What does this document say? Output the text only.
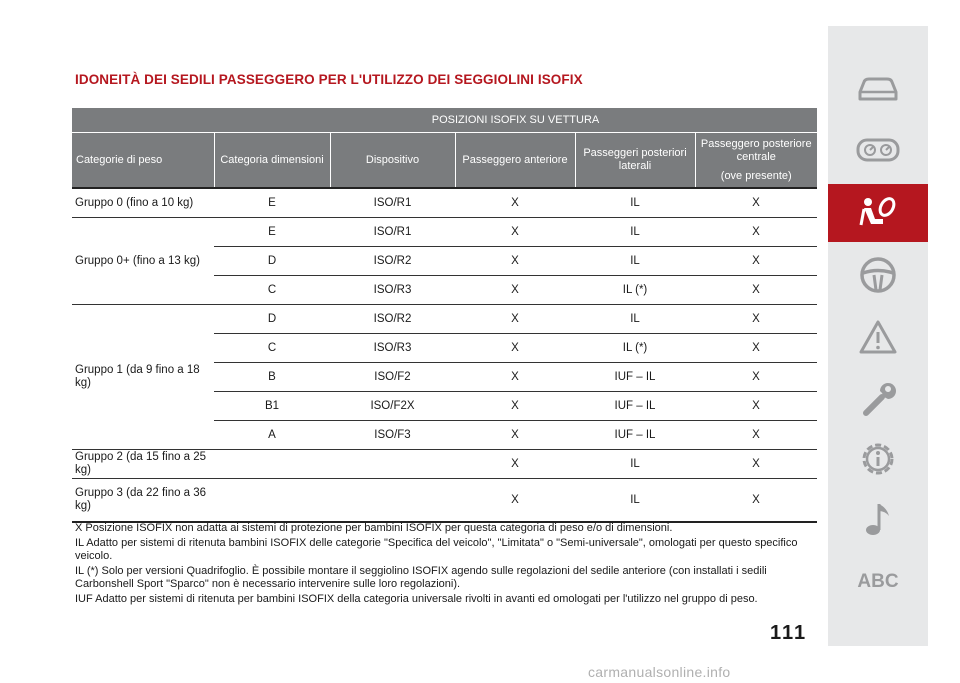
IDONEITÀ DEI SEDILI PASSEGGERO PER L'UTILIZZO DEI SEGGIOLINI ISOFIX
	POSIZIONI ISOFIX SU VETTURA				
Categorie di peso	Categoria dimensioni	Dispositivo	Passeggero anteriore	Passeggeri posteriori laterali	Passeggero posteriore centrale
(ove presente)
Gruppo 0 (fino a 10 kg)	E	ISO/R1	X	IL	X
Gruppo 0+ (fino a 13 kg)	E	ISO/R1	X	IL	X
	D	ISO/R2	X	IL	X
	C	ISO/R3	X	IL (*)	X
Gruppo 1 (da 9 fino a 18 kg)	D	ISO/R2	X	IL	X
	C	ISO/R3	X	IL (*)	X
	B	ISO/F2	X	IUF – IL	X
	B1	ISO/F2X	X	IUF – IL	X
	A	ISO/F3	X	IUF – IL	X
Gruppo 2 (da 15 fino a 25 kg)			X	IL	X
Gruppo 3 (da 22 fino a 36 kg)			X	IL	X

X Posizione ISOFIX non adatta ai sistemi di protezione per bambini ISOFIX per questa categoria di peso e/o di dimensioni.

IL Adatto per sistemi di ritenuta bambini ISOFIX delle categorie "Specifica del veicolo", "Limitata" o "Semi-universale", omologati per questo specifico veicolo.

IL (*) Solo per versioni Quadrifoglio. È possibile montare il seggiolino ISOFIX agendo sulle regolazioni del sedile anteriore (con installati i sedili Carbonshell Sport "Sparco" non è necessario intervenire sulle loro regolazioni).

IUF Adatto per sistemi di ritenuta per bambini ISOFIX della categoria universale rivolti in avanti ed omologati per l'utilizzo nel gruppo di peso.

111
ABC
carmanualsonline.info
